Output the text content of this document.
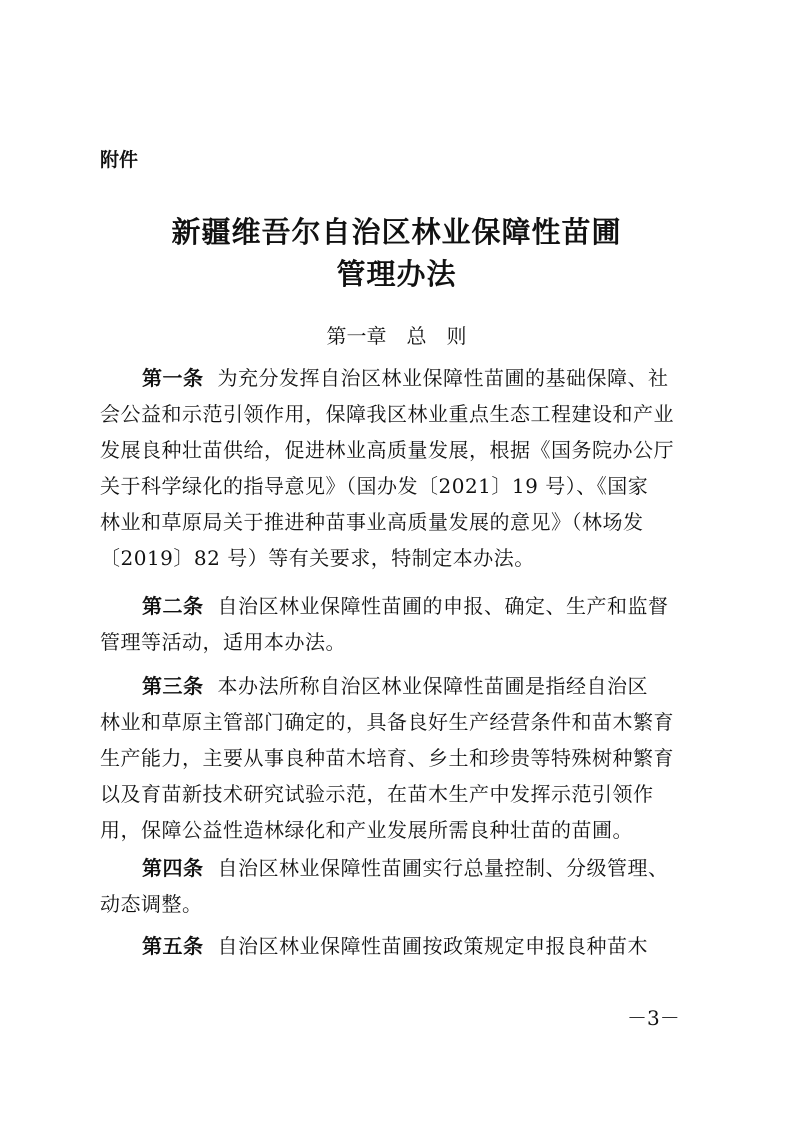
附件
新疆维吾尔自治区林业保障性苗圃
管理办法
第一章　总　则
第一条 为充分发挥自治区林业保障性苗圃的基础保障、社
会公益和示范引领作用，保障我区林业重点生态工程建设和产业
发展良种壮苗供给，促进林业高质量发展，根据《国务院办公厅
关于科学绿化的指导意见》（国办发〔2021〕19 号）、《国家
林业和草原局关于推进种苗事业高质量发展的意见》（林场发
〔2019〕82 号）等有关要求，特制定本办法。
第二条 自治区林业保障性苗圃的申报、确定、生产和监督
管理等活动，适用本办法。
第三条 本办法所称自治区林业保障性苗圃是指经自治区
林业和草原主管部门确定的，具备良好生产经营条件和苗木繁育
生产能力，主要从事良种苗木培育、乡土和珍贵等特殊树种繁育
以及育苗新技术研究试验示范，在苗木生产中发挥示范引领作
用，保障公益性造林绿化和产业发展所需良种壮苗的苗圃。
第四条 自治区林业保障性苗圃实行总量控制、分级管理、
动态调整。
第五条 自治区林业保障性苗圃按政策规定申报良种苗木
－3－
